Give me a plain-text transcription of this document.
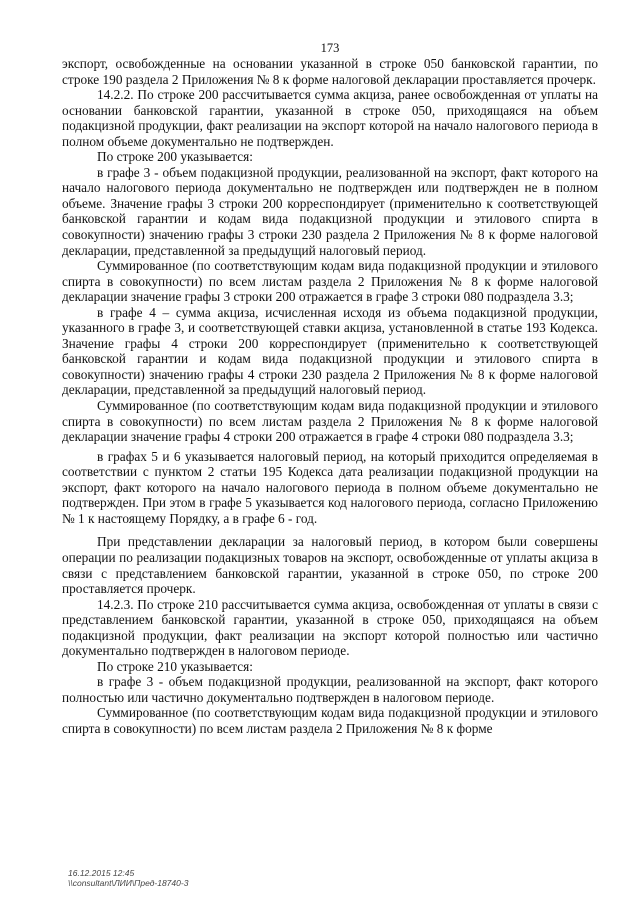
173

экспорт, освобожденные на основании указанной в строке 050 банковской гарантии, по строке 190 раздела 2 Приложения № 8 к форме налоговой декларации проставляется прочерк.

14.2.2. По строке 200 рассчитывается сумма акциза, ранее освобожденная от уплаты на основании банковской гарантии, указанной в строке 050, приходящаяся на объем подакцизной продукции, факт реализации на экспорт которой на начало налогового периода в полном объеме документально не подтвержден.

По строке 200 указывается:

в графе 3 - объем подакцизной продукции, реализованной на экспорт, факт которого на начало налогового периода документально не подтвержден или подтвержден не в полном объеме. Значение графы 3 строки 200 корреспондирует (применительно к соответствующей банковской гарантии и кодам вида подакцизной продукции и этилового спирта в совокупности) значению графы 3 строки 230 раздела 2 Приложения № 8 к форме налоговой декларации, представленной за предыдущий налоговый период.

Суммированное (по соответствующим кодам вида подакцизной продукции и этилового спирта в совокупности) по всем листам раздела 2 Приложения № 8 к форме налоговой декларации значение графы 3 строки 200 отражается в графе 3 строки 080 подраздела 3.3;

в графе 4 – сумма акциза, исчисленная исходя из объема подакцизной продукции, указанного в графе 3, и соответствующей ставки акциза, установленной в статье 193 Кодекса. Значение графы 4 строки 200 корреспондирует (применительно к соответствующей банковской гарантии и кодам вида подакцизной продукции и этилового спирта в совокупности) значению графы 4 строки 230 раздела 2 Приложения № 8 к форме налоговой декларации, представленной за предыдущий налоговый период.

Суммированное (по соответствующим кодам вида подакцизной продукции и этилового спирта в совокупности) по всем листам раздела 2 Приложения № 8 к форме налоговой декларации значение графы 4 строки 200 отражается в графе 4 строки 080 подраздела 3.3;

в графах 5 и 6 указывается налоговый период, на который приходится определяемая в соответствии с пунктом 2 статьи 195 Кодекса дата реализации подакцизной продукции на экспорт, факт которого на начало налогового периода в полном объеме документально не подтвержден. При этом в графе 5 указывается код налогового периода, согласно Приложению № 1 к настоящему Порядку, а в графе 6 - год.

При представлении декларации за налоговый период, в котором были совершены операции по реализации подакцизных товаров на экспорт, освобожденные от уплаты акциза в связи с представлением банковской гарантии, указанной в строке 050, по строке 200 проставляется прочерк.

14.2.3. По строке 210 рассчитывается сумма акциза, освобожденная от уплаты в связи с представлением банковской гарантии, указанной в строке 050, приходящаяся на объем подакцизной продукции, факт реализации на экспорт которой полностью или частично документально подтвержден в налоговом периоде.

По строке 210 указывается:

в графе 3 - объем подакцизной продукции, реализованной на экспорт, факт которого полностью или частично документально подтвержден в налоговом периоде.

Суммированное (по соответствующим кодам вида подакцизной продукции и этилового спирта в совокупности) по всем листам раздела 2 Приложения № 8 к форме

16.12.2015 12:45
\\consultant\ЛИИ\Пред-18740-3
